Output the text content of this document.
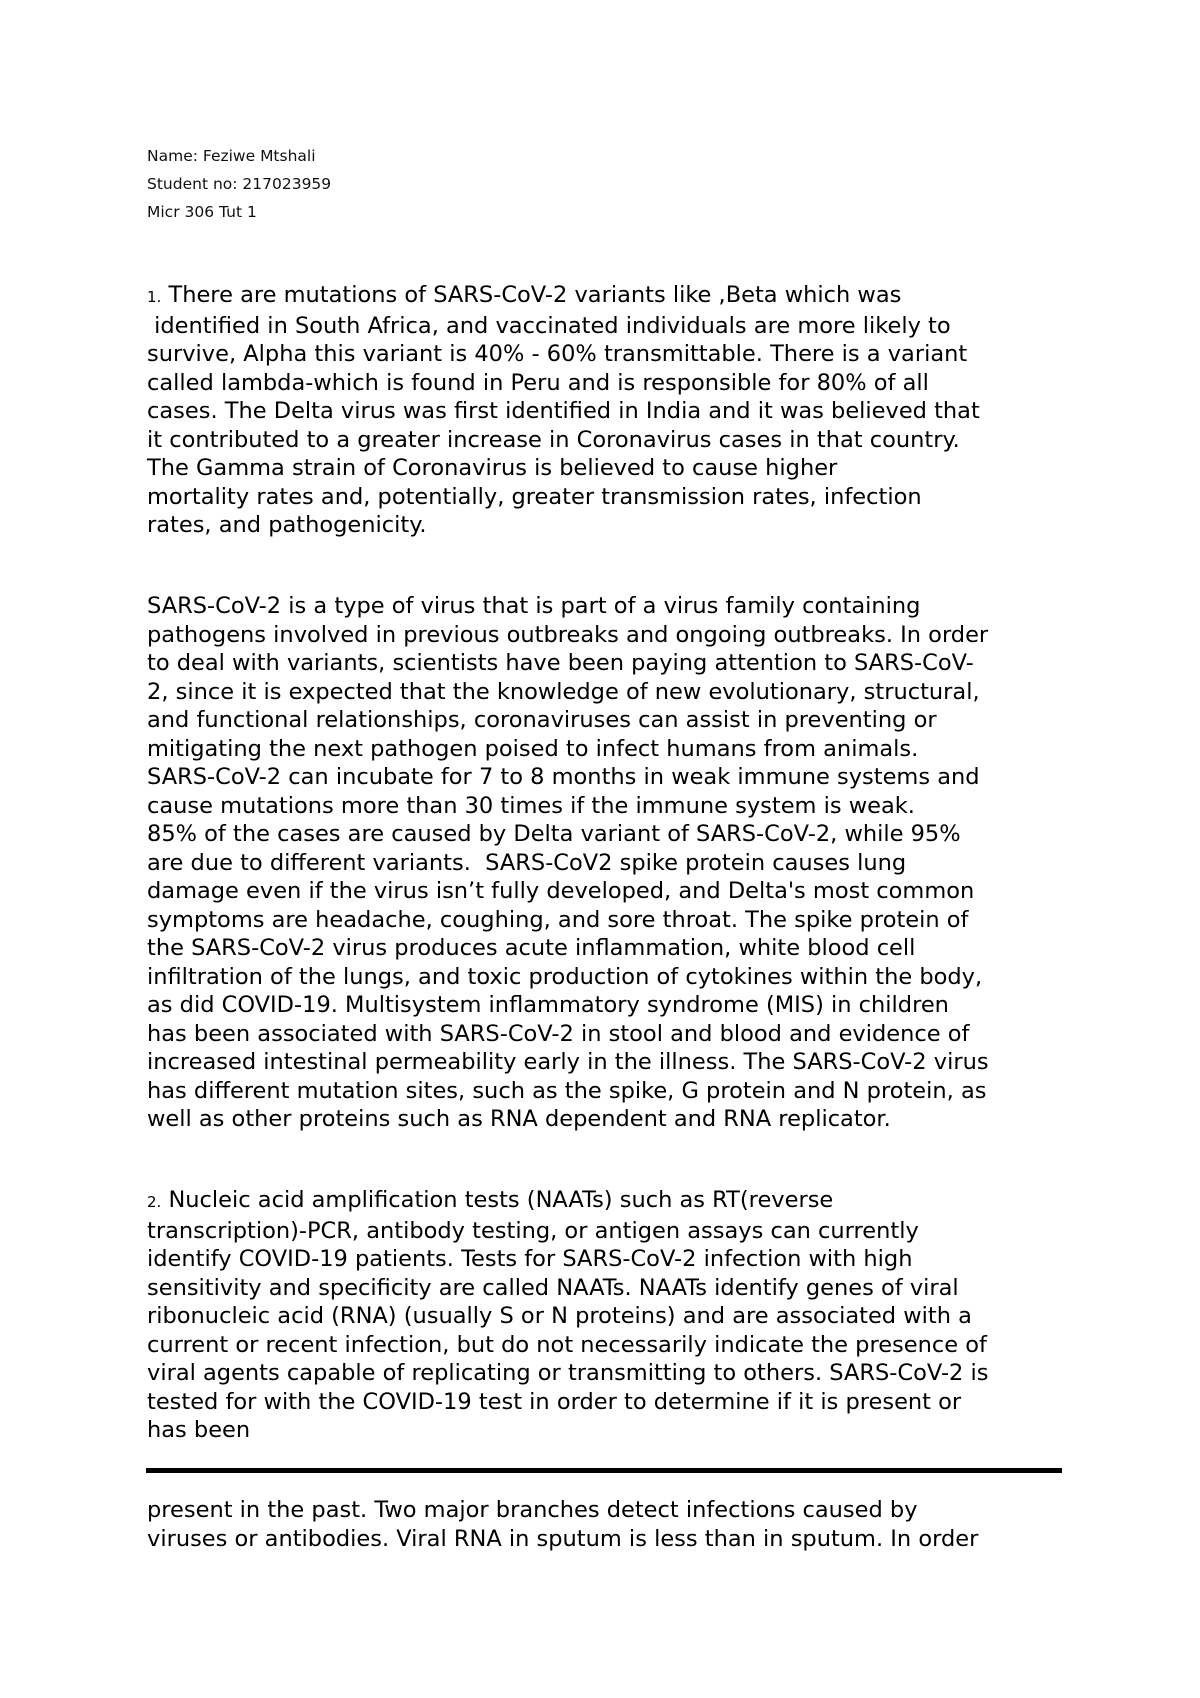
Name: Feziwe Mtshali
Student no: 217023959
Micr 306 Tut 1
1. There are mutations of SARS-CoV-2 variants like ,Beta which was
identified in South Africa, and vaccinated individuals are more likely to
survive, Alpha this variant is 40% - 60% transmittable. There is a variant
called lambda-which is found in Peru and is responsible for 80% of all
cases. The Delta virus was first identified in India and it was believed that
it contributed to a greater increase in Coronavirus cases in that country.
The Gamma strain of Coronavirus is believed to cause higher
mortality rates and, potentially, greater transmission rates, infection
rates, and pathogenicity.
SARS-CoV-2 is a type of virus that is part of a virus family containing
pathogens involved in previous outbreaks and ongoing outbreaks. In order
to deal with variants, scientists have been paying attention to SARS-CoV-
2, since it is expected that the knowledge of new evolutionary, structural,
and functional relationships, coronaviruses can assist in preventing or
mitigating the next pathogen poised to infect humans from animals.
SARS-CoV-2 can incubate for 7 to 8 months in weak immune systems and
cause mutations more than 30 times if the immune system is weak.
85% of the cases are caused by Delta variant of SARS-CoV-2, while 95%
are due to different variants.  SARS-CoV2 spike protein causes lung
damage even if the virus isn’t fully developed, and Delta's most common
symptoms are headache, coughing, and sore throat. The spike protein of
the SARS-CoV-2 virus produces acute inflammation, white blood cell
infiltration of the lungs, and toxic production of cytokines within the body,
as did COVID-19. Multisystem inflammatory syndrome (MIS) in children
has been associated with SARS-CoV-2 in stool and blood and evidence of
increased intestinal permeability early in the illness. The SARS-CoV-2 virus
has different mutation sites, such as the spike, G protein and N protein, as
well as other proteins such as RNA dependent and RNA replicator.
2. Nucleic acid amplification tests (NAATs) such as RT(reverse
transcription)-PCR, antibody testing, or antigen assays can currently
identify COVID-19 patients. Tests for SARS-CoV-2 infection with high
sensitivity and specificity are called NAATs. NAATs identify genes of viral
ribonucleic acid (RNA) (usually S or N proteins) and are associated with a
current or recent infection, but do not necessarily indicate the presence of
viral agents capable of replicating or transmitting to others. SARS-CoV-2 is
tested for with the COVID-19 test in order to determine if it is present or
has been
present in the past. Two major branches detect infections caused by
viruses or antibodies. Viral RNA in sputum is less than in sputum. In order
